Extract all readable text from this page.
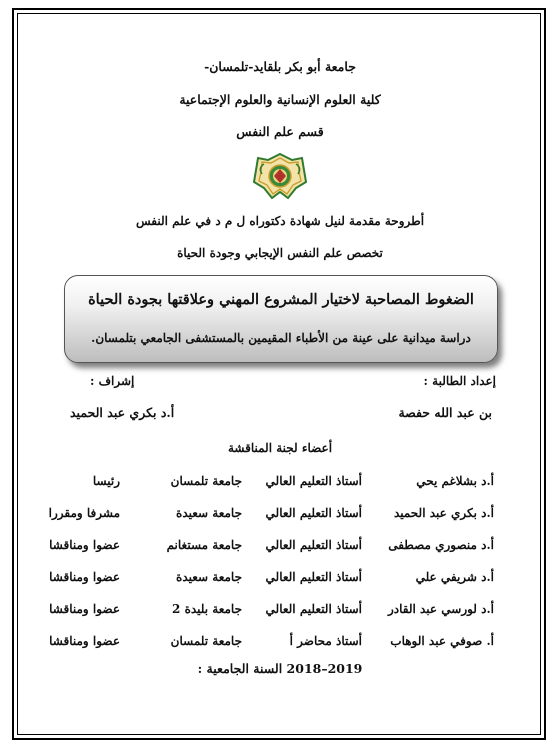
جامعة أبو بكر بلقايد-تلمسان-
كلية العلوم الإنسانية والعلوم الإجتماعية
قسم علم النفس
أطروحة مقدمة لنيل شهادة دكتوراه ل م د في علم النفس
تخصص علم النفس الإيجابي وجودة الحياة
الضغوط المصاحبة لاختيار المشروع المهني وعلاقتها بجودة الحياة
دراسة ميدانية على عينة من الأطباء المقيمين بالمستشفى الجامعي بتلمسان.
إعداد الطالبة :
إشراف :
بن عبد الله حفصة
أ.د بكري عبد الحميد
أعضاء لجنة المناقشة
أ.د بشلاغم يحي
أستاذ التعليم العالي
جامعة تلمسان
رئيسا
أ.د بكري عبد الحميد
أستاذ التعليم العالي
جامعة سعيدة
مشرفا ومقررا
أ.د منصوري مصطفى
أستاذ التعليم العالي
جامعة مستغانم
عضوا ومناقشا
أ.د شريفي علي
أستاذ التعليم العالي
جامعة سعيدة
عضوا ومناقشا
أ.د لورسي عبد القادر
أستاذ التعليم العالي
جامعة بليدة 2
عضوا ومناقشا
أ. صوفي عبد الوهاب
أستاذ محاضر أ
جامعة تلمسان
عضوا ومناقشا
السنة الجامعية : 2018–2019
